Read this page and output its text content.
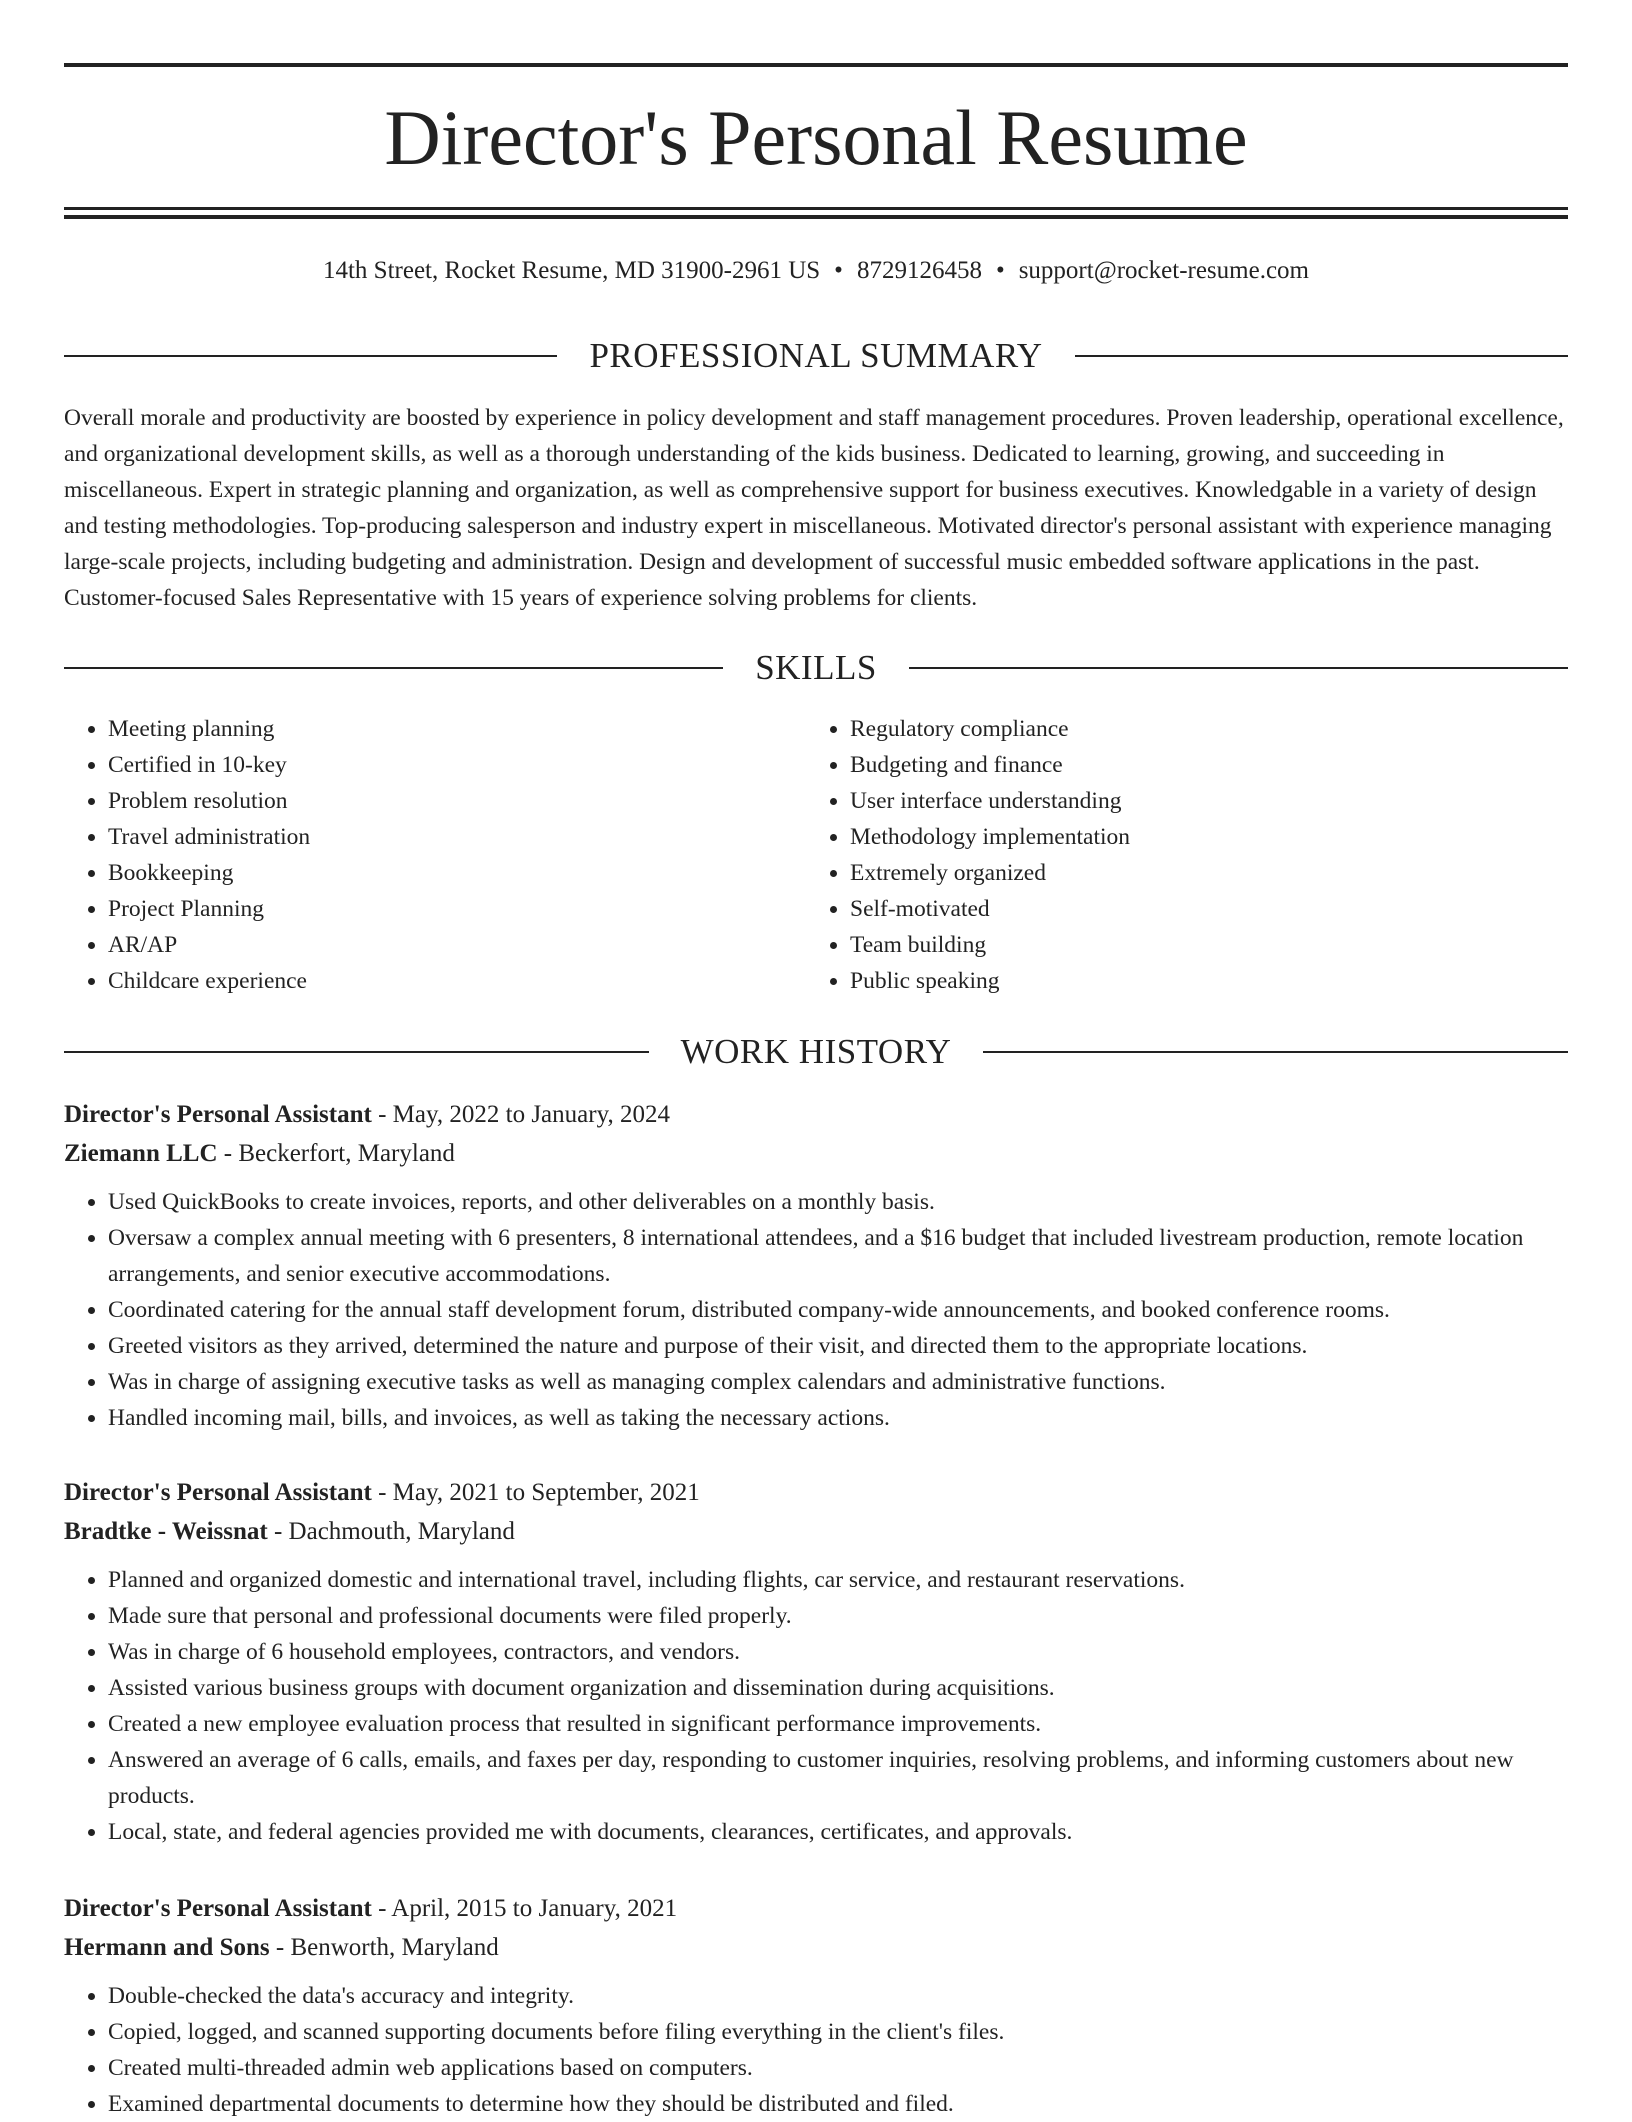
Director's Personal Resume
14th Street, Rocket Resume, MD 31900-2961 US • 8729126458 • support@rocket-resume.com
PROFESSIONAL SUMMARY

Overall morale and productivity are boosted by experience in policy development and staff management procedures. Proven leadership, operational excellence, and organizational development skills, as well as a thorough understanding of the kids business. Dedicated to learning, growing, and succeeding in miscellaneous. Expert in strategic planning and organization, as well as comprehensive support for business executives. Knowledgable in a variety of design and testing methodologies. Top-producing salesperson and industry expert in miscellaneous. Motivated director's personal assistant with experience managing large-scale projects, including budgeting and administration. Design and development of successful music embedded software applications in the past. Customer-focused Sales Representative with 15 years of experience solving problems for clients.

SKILLS
• Meeting planning
• Certified in 10-key
• Problem resolution
• Travel administration
• Bookkeeping
• Project Planning
• AR/AP
• Childcare experience
• Regulatory compliance
• Budgeting and finance
• User interface understanding
• Methodology implementation
• Extremely organized
• Self-motivated
• Team building
• Public speaking
WORK HISTORY

Director's Personal Assistant - May, 2022 to January, 2024

Ziemann LLC - Beckerfort, Maryland

• Used QuickBooks to create invoices, reports, and other deliverables on a monthly basis.
• Oversaw a complex annual meeting with 6 presenters, 8 international attendees, and a $16 budget that included livestream production, remote location arrangements, and senior executive accommodations.
• Coordinated catering for the annual staff development forum, distributed company-wide announcements, and booked conference rooms.
• Greeted visitors as they arrived, determined the nature and purpose of their visit, and directed them to the appropriate locations.
• Was in charge of assigning executive tasks as well as managing complex calendars and administrative functions.
• Handled incoming mail, bills, and invoices, as well as taking the necessary actions.

Director's Personal Assistant - May, 2021 to September, 2021

Bradtke - Weissnat - Dachmouth, Maryland

• Planned and organized domestic and international travel, including flights, car service, and restaurant reservations.
• Made sure that personal and professional documents were filed properly.
• Was in charge of 6 household employees, contractors, and vendors.
• Assisted various business groups with document organization and dissemination during acquisitions.
• Created a new employee evaluation process that resulted in significant performance improvements.
• Answered an average of 6 calls, emails, and faxes per day, responding to customer inquiries, resolving problems, and informing customers about new products.
• Local, state, and federal agencies provided me with documents, clearances, certificates, and approvals.

Director's Personal Assistant - April, 2015 to January, 2021

Hermann and Sons - Benworth, Maryland

• Double-checked the data's accuracy and integrity.
• Copied, logged, and scanned supporting documents before filing everything in the client's files.
• Created multi-threaded admin web applications based on computers.
• Examined departmental documents to determine how they should be distributed and filed.
